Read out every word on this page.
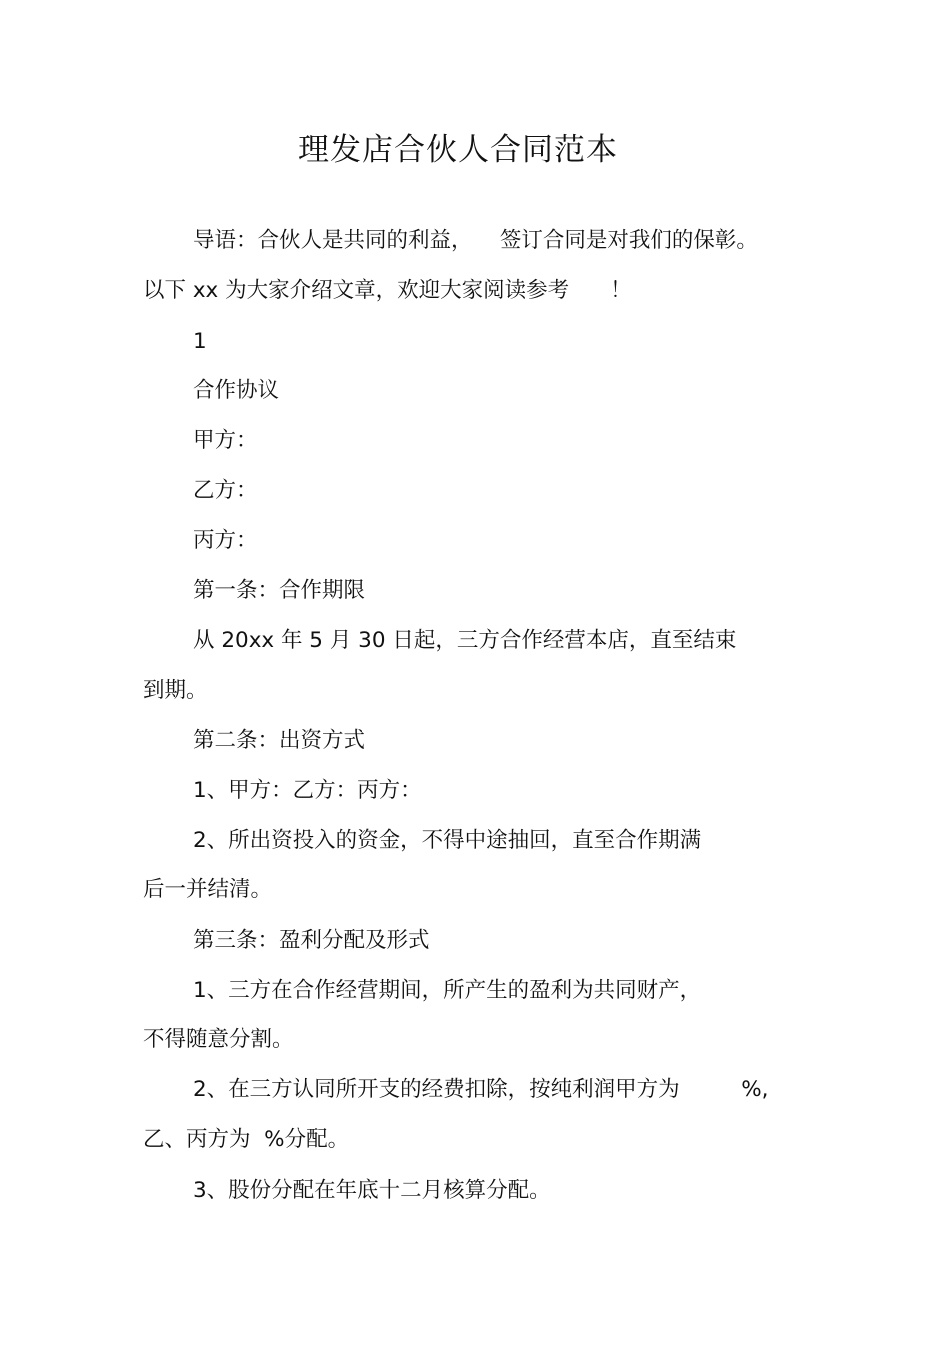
理发店合伙人合同范本
导语：合伙人是共同的利益，    签订合同是对我们的保彰。
以下 xx 为大家介绍文章，欢迎大家阅读参考      ！
1
合作协议
甲方：
乙方：
丙方：
第一条：合作期限
从 20xx 年 5 月 30 日起，三方合作经营本店，直至结束
到期。
第二条：出资方式
1、甲方：乙方：丙方：
2、所出资投入的资金，不得中途抽回，直至合作期满
后一并结清。
第三条：盈利分配及形式
1、三方在合作经营期间，所产生的盈利为共同财产，
不得随意分割。
2、在三方认同所开支的经费扣除，按纯利润甲方为         %,
乙、丙方为  %分配。
3、股份分配在年底十二月核算分配。
